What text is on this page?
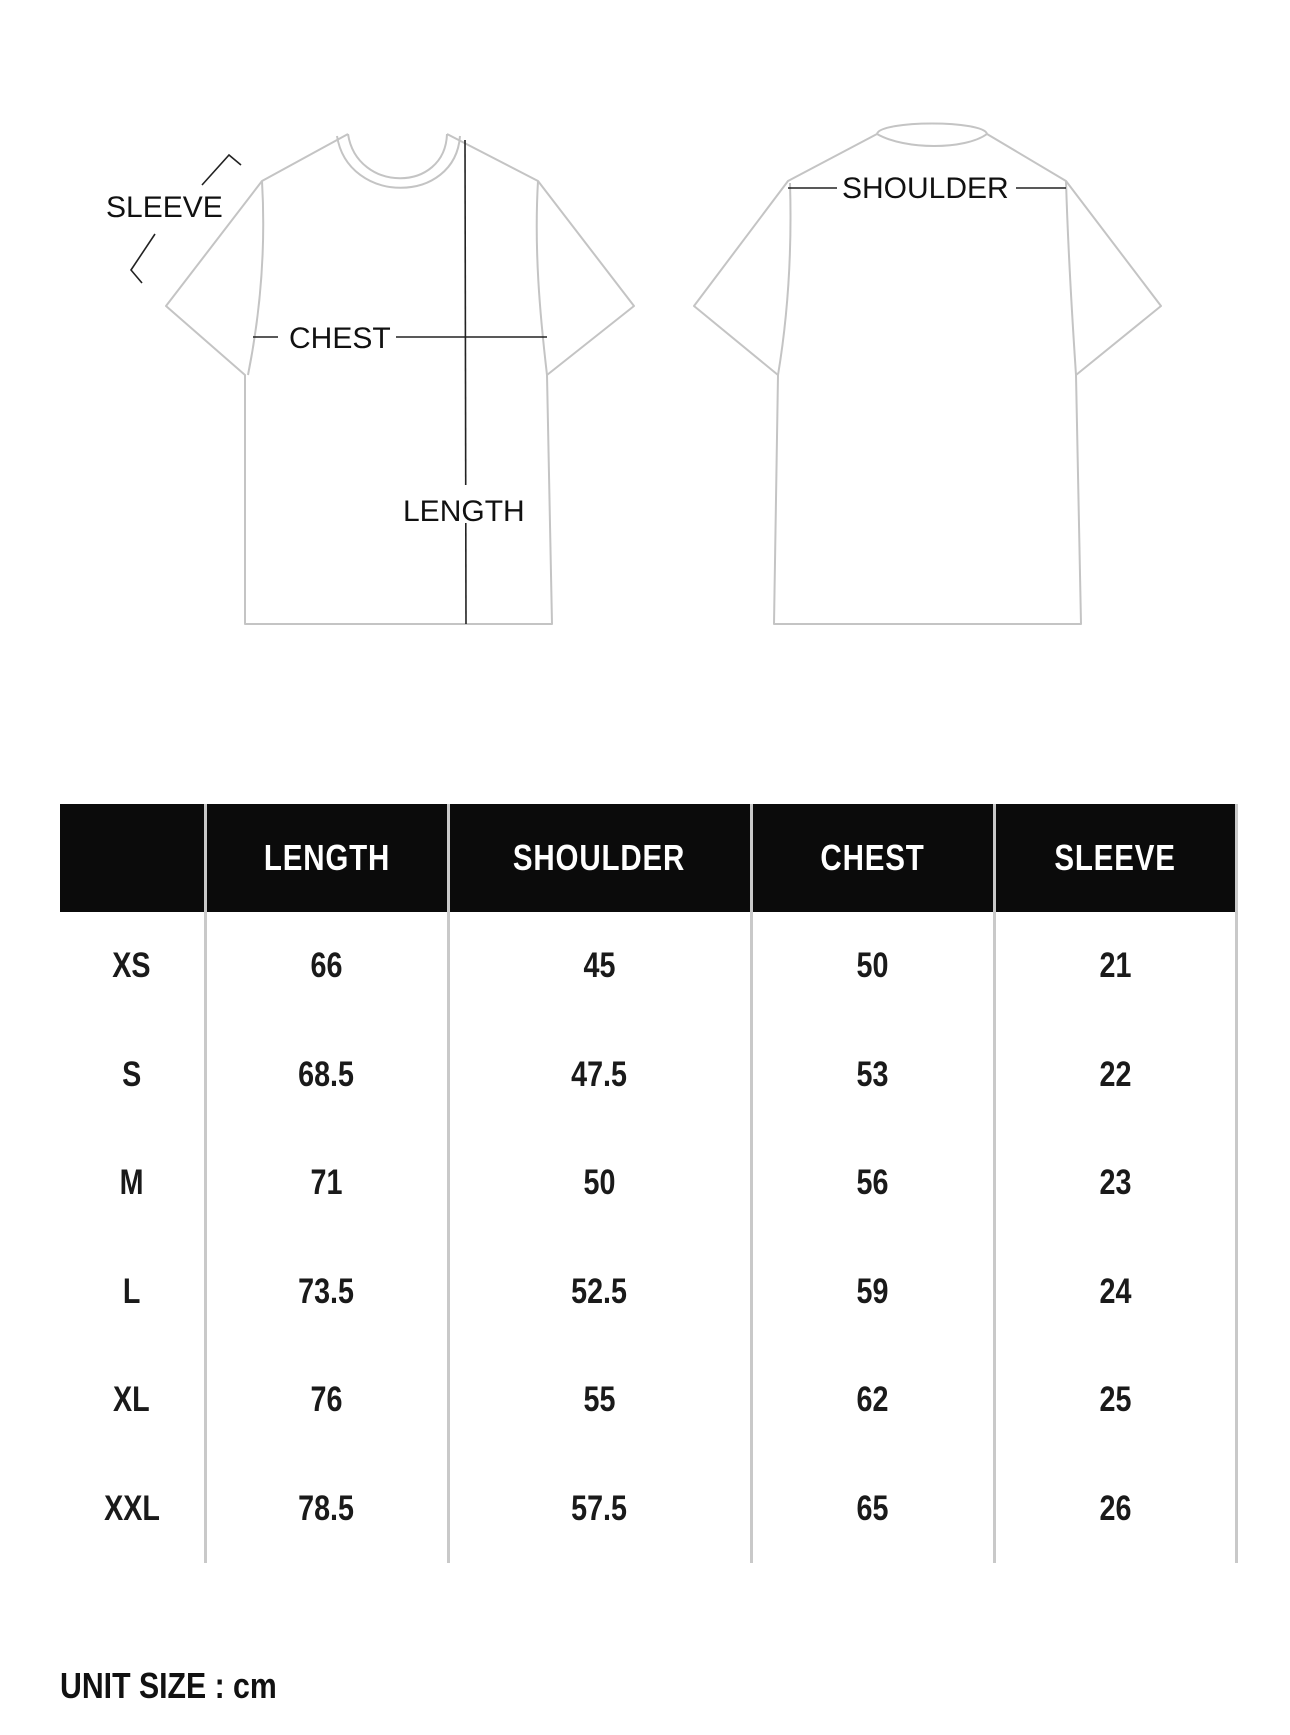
SLEEVE
CHEST
LENGTH
SHOULDER
	LENGTH	SHOULDER	CHEST	SLEEVE
XS	66	45	50	21
S	68.5	47.5	53	22
M	71	50	56	23
L	73.5	52.5	59	24
XL	76	55	62	25
XXL	78.5	57.5	65	26
UNIT SIZE : cm
